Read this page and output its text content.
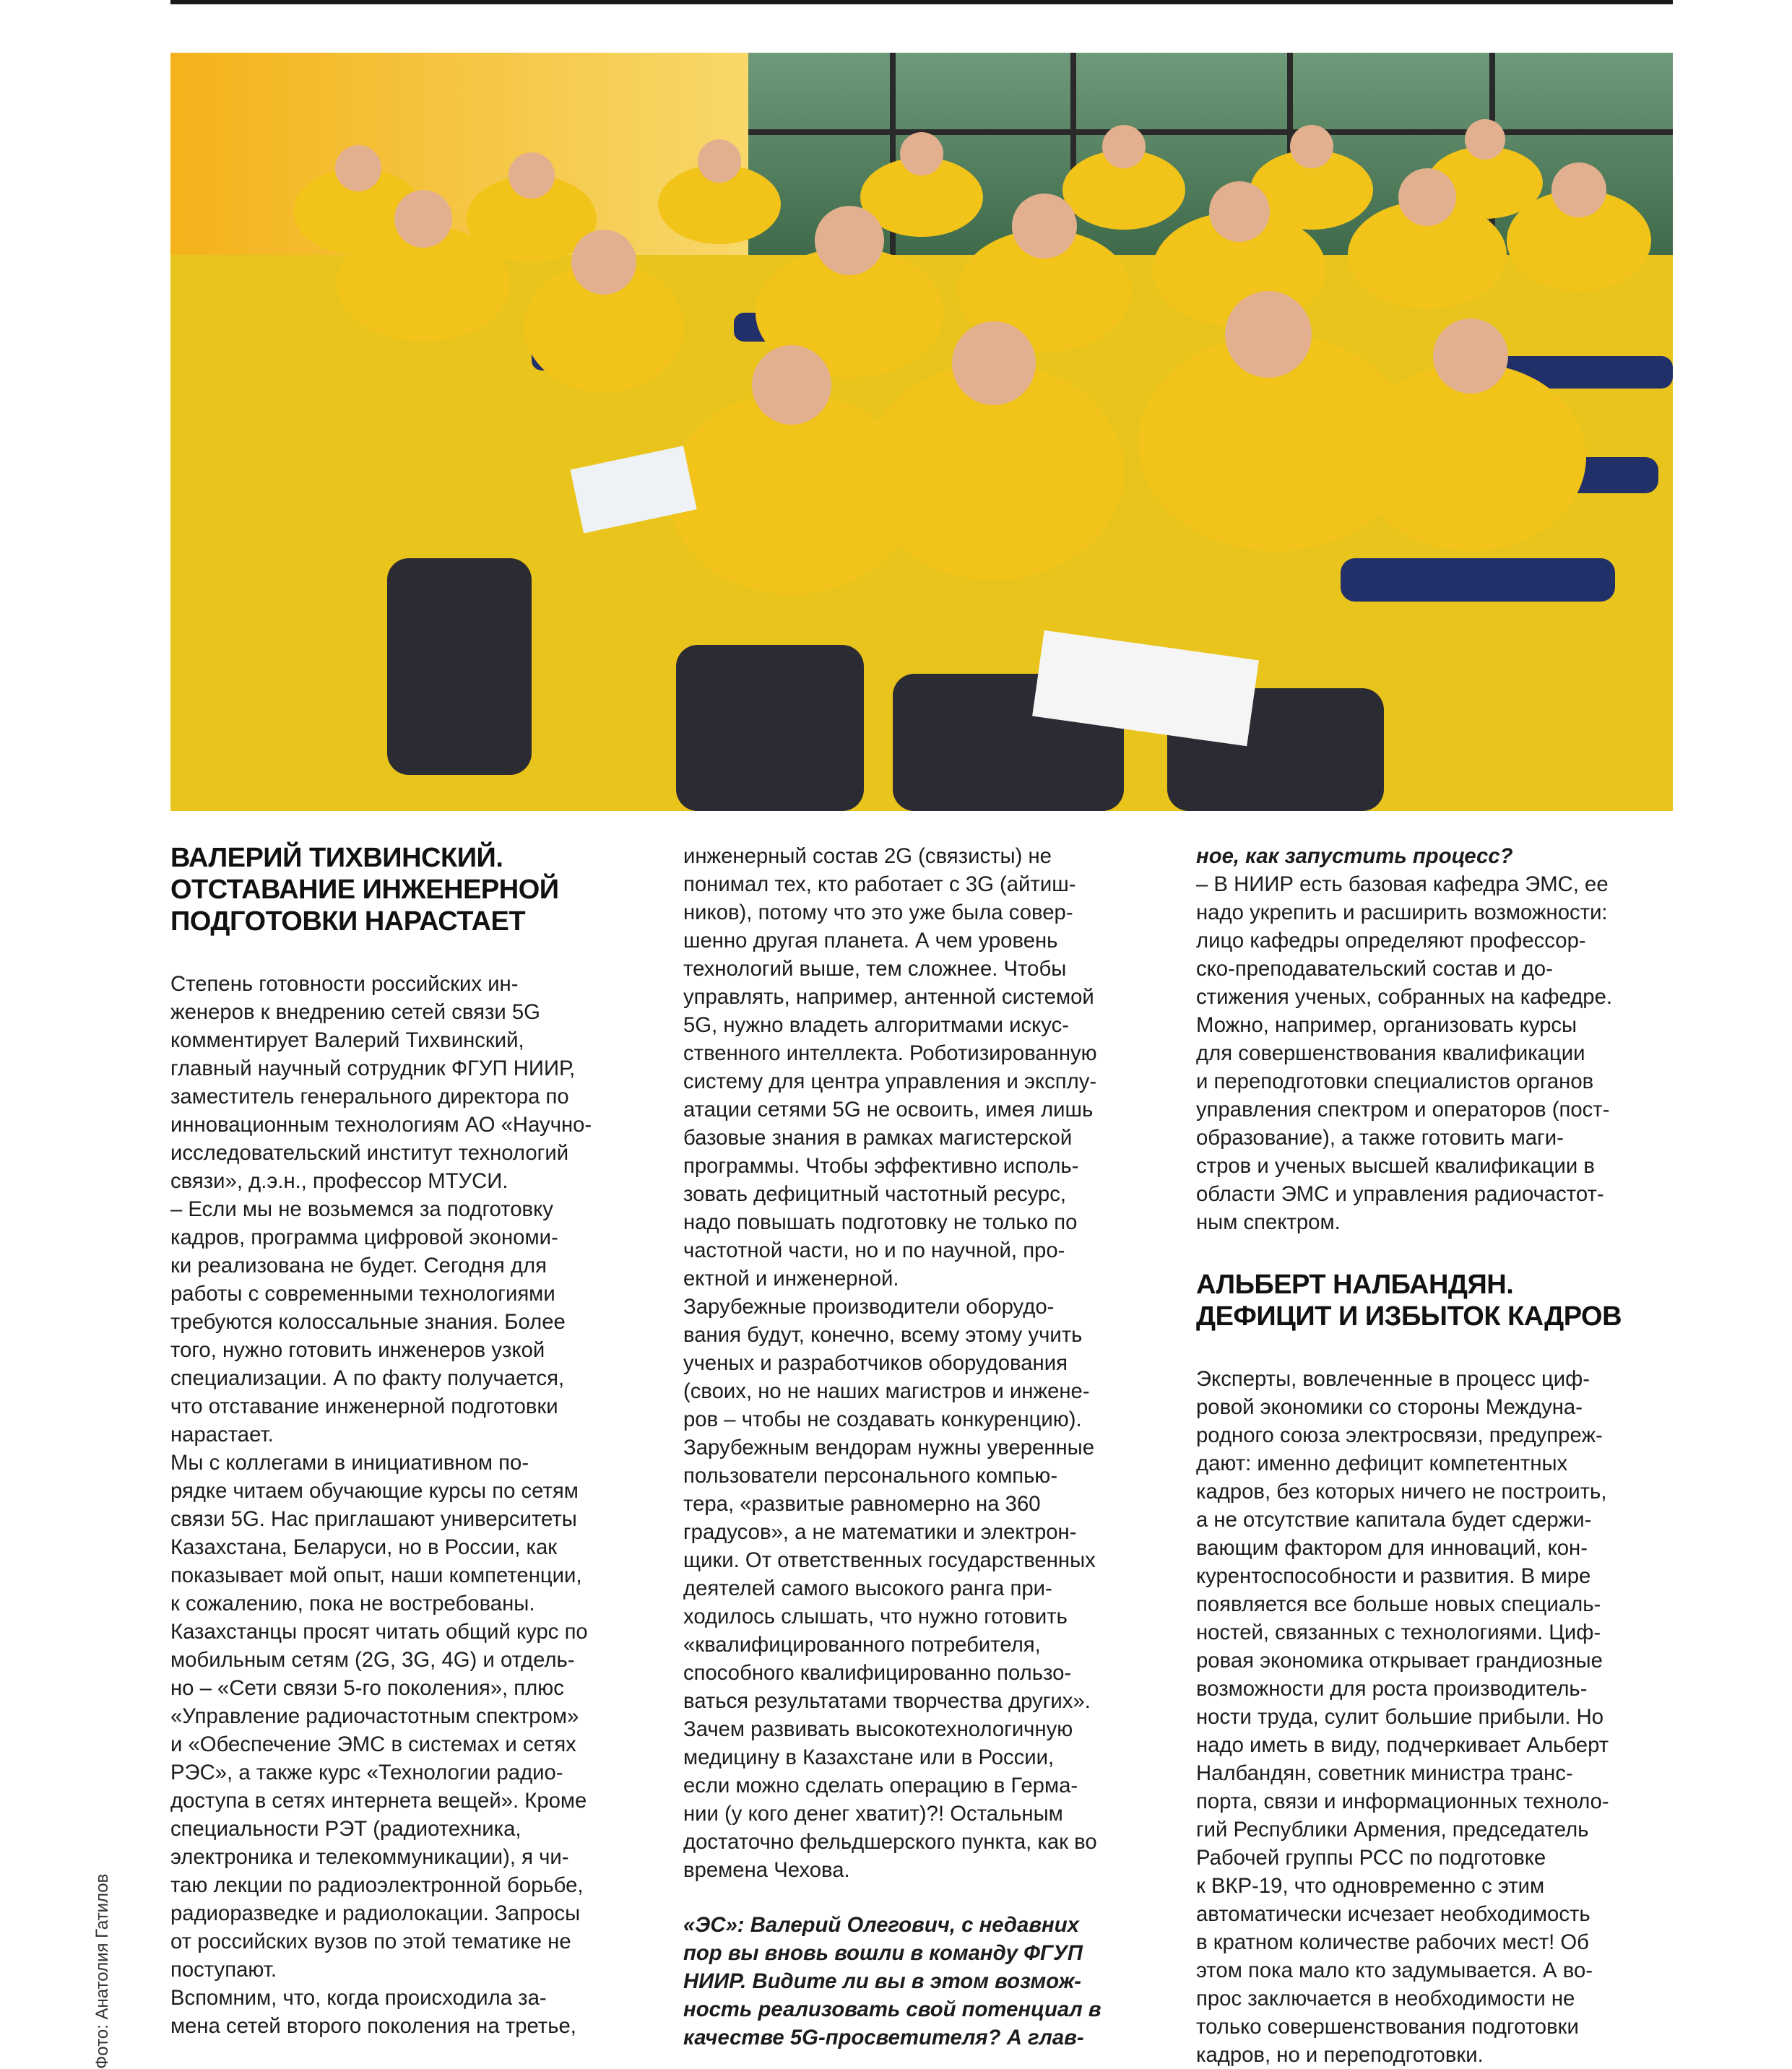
Фото: Анатолия Гатилов
ВАЛЕРИЙ ТИХВИНСКИЙ.
ОТСТАВАНИЕ ИНЖЕНЕРНОЙ
ПОДГОТОВКИ НАРАСТАЕТ
Степень готовности российских ин-
женеров к внедрению сетей связи 5G
комментирует Валерий Тихвинский,
главный научный сотрудник ФГУП НИИР,
заместитель генерального директора по
инновационным технологиям АО «Научно-
исследовательский институт технологий
связи», д.э.н., профессор МТУСИ.
– Если мы не возьмемся за подготовку
кадров, программа цифровой экономи-
ки реализована не будет. Сегодня для
работы с современными технологиями
требуются колоссальные знания. Более
того, нужно готовить инженеров узкой
специализации. А по факту получается,
что отставание инженерной подготовки
нарастает.
Мы с коллегами в инициативном по-
рядке читаем обучающие курсы по сетям
связи 5G. Нас приглашают университеты
Казахстана, Беларуси, но в России, как
показывает мой опыт, наши компетенции,
к сожалению, пока не востребованы.
Казахстанцы просят читать общий курс по
мобильным сетям (2G, 3G, 4G) и отдель-
но – «Сети связи 5-го поколения», плюс
«Управление радиочастотным спектром»
и «Обеспечение ЭМС в системах и сетях
РЭС», а также курс «Технологии радио-
доступа в сетях интернета вещей». Кроме
специальности РЭТ (радиотехника,
электроника и телекоммуникации), я чи-
таю лекции по радиоэлектронной борьбе,
радиоразведке и радиолокации. Запросы
от российских вузов по этой тематике не
поступают.
Вспомним, что, когда происходила за-
мена сетей второго поколения на третье,
инженерный состав 2G (связисты) не
понимал тех, кто работает с 3G (айтиш-
ников), потому что это уже была совер-
шенно другая планета. А чем уровень
технологий выше, тем сложнее. Чтобы
управлять, например, антенной системой
5G, нужно владеть алгоритмами искус-
ственного интеллекта. Роботизированную
систему для центра управления и эксплу-
атации сетями 5G не освоить, имея лишь
базовые знания в рамках магистерской
программы. Чтобы эффективно исполь-
зовать дефицитный частотный ресурс,
надо повышать подготовку не только по
частотной части, но и по научной, про-
ектной и инженерной.
Зарубежные производители оборудо-
вания будут, конечно, всему этому учить
ученых и разработчиков оборудования
(своих, но не наших магистров и инжене-
ров – чтобы не создавать конкуренцию).
Зарубежным вендорам нужны уверенные
пользователи персонального компью-
тера, «развитые равномерно на 360
градусов», а не математики и электрон-
щики. От ответственных государственных
деятелей самого высокого ранга при-
ходилось слышать, что нужно готовить
«квалифицированного потребителя,
способного квалифицированно пользо-
ваться результатами творчества других».
Зачем развивать высокотехнологичную
медицину в Казахстане или в России,
если можно сделать операцию в Герма-
нии (у кого денег хватит)?! Остальным
достаточно фельдшерского пункта, как во
времена Чехова.
«ЭС»: Валерий Олегович, с недавних
пор вы вновь вошли в команду ФГУП
НИИР. Видите ли вы в этом возмож-
ность реализовать свой потенциал в
качестве 5G-просветителя? А глав-
ное, как запустить процесс?
– В НИИР есть базовая кафедра ЭМС, ее
надо укрепить и расширить возможности:
лицо кафедры определяют профессор-
ско-преподавательский состав и до-
стижения ученых, собранных на кафедре.
Можно, например, организовать курсы
для совершенствования квалификации
и переподготовки специалистов органов
управления спектром и операторов (пост-
образование), а также готовить маги-
стров и ученых высшей квалификации в
области ЭМС и управления радиочастот-
ным спектром.
АЛЬБЕРТ НАЛБАНДЯН.
ДЕФИЦИТ И ИЗБЫТОК КАДРОВ
Эксперты, вовлеченные в процесс циф-
ровой экономики со стороны Междуна-
родного союза электросвязи, предупреж-
дают: именно дефицит компетентных
кадров, без которых ничего не построить,
а не отсутствие капитала будет сдержи-
вающим фактором для инноваций, кон-
курентоспособности и развития. В мире
появляется все больше новых специаль-
ностей, связанных с технологиями. Циф-
ровая экономика открывает грандиозные
возможности для роста производитель-
ности труда, сулит большие прибыли. Но
надо иметь в виду, подчеркивает Альберт
Налбандян, советник министра транс-
порта, связи и информационных техноло-
гий Республики Армения, председатель
Рабочей группы РСС по подготовке
к ВКР-19, что одновременно с этим
автоматически исчезает необходимость
в кратном количестве рабочих мест! Об
этом пока мало кто задумывается. А во-
прос заключается в необходимости не
только совершенствования подготовки
кадров, но и переподготовки.
